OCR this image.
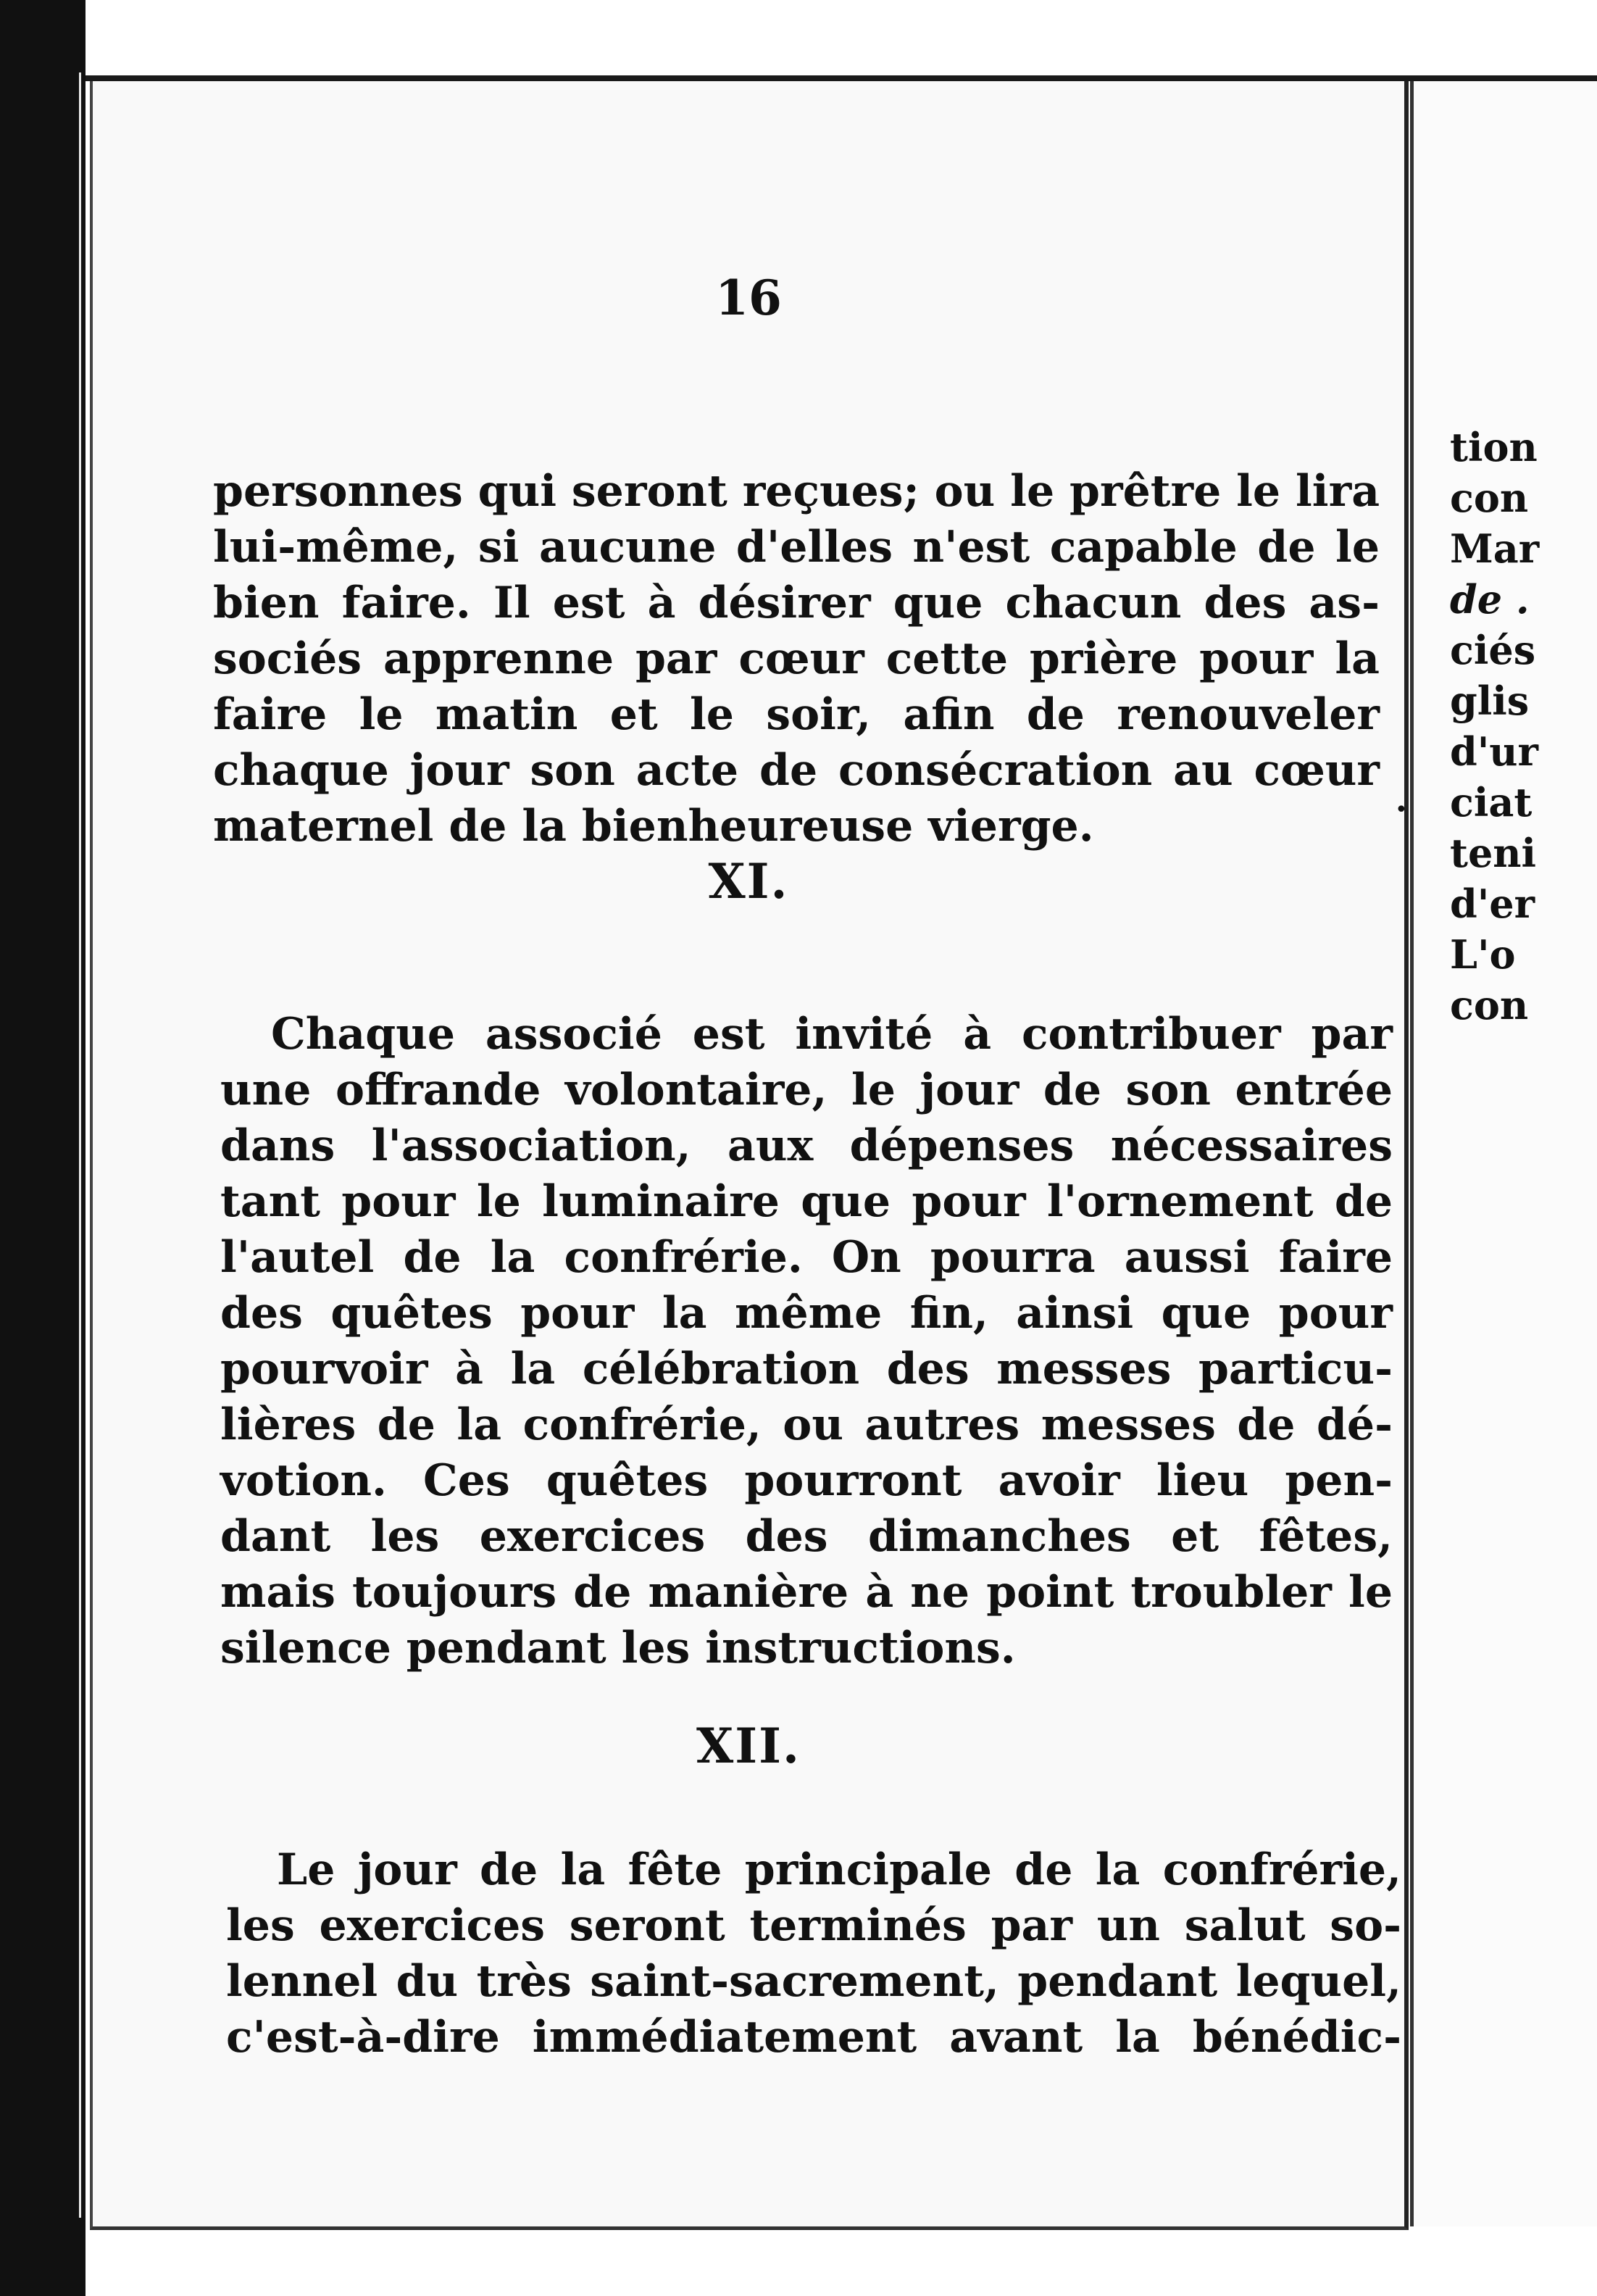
16
personnes qui seront reçues; ou le prêtre le lira
lui-même, si aucune d'elles n'est capable de le
bien faire. Il est à désirer que chacun des as-
sociés apprenne par cœur cette prière pour la
faire le matin et le soir, afin de renouveler
chaque jour son acte de consécration au cœur
maternel de la bienheureuse vierge.
XI.
Chaque associé est invité à contribuer par
une offrande volontaire, le jour de son entrée
dans l'association, aux dépenses nécessaires
tant pour le luminaire que pour l'ornement de
l'autel de la confrérie. On pourra aussi faire
des quêtes pour la même fin, ainsi que pour
pourvoir à la célébration des messes particu-
lières de la confrérie, ou autres messes de dé-
votion. Ces quêtes pourront avoir lieu pen-
dant les exercices des dimanches et fêtes,
mais toujours de manière à ne point troubler le
silence pendant les instructions.
XII.
Le jour de la fête principale de la confrérie,
les exercices seront terminés par un salut so-
lennel du très saint-sacrement, pendant lequel,
c'est-à-dire immédiatement avant la bénédic-
•
tion
con
Mar
de .
ciés
glis
d'ur
ciat
teni
d'er
L'o
con
